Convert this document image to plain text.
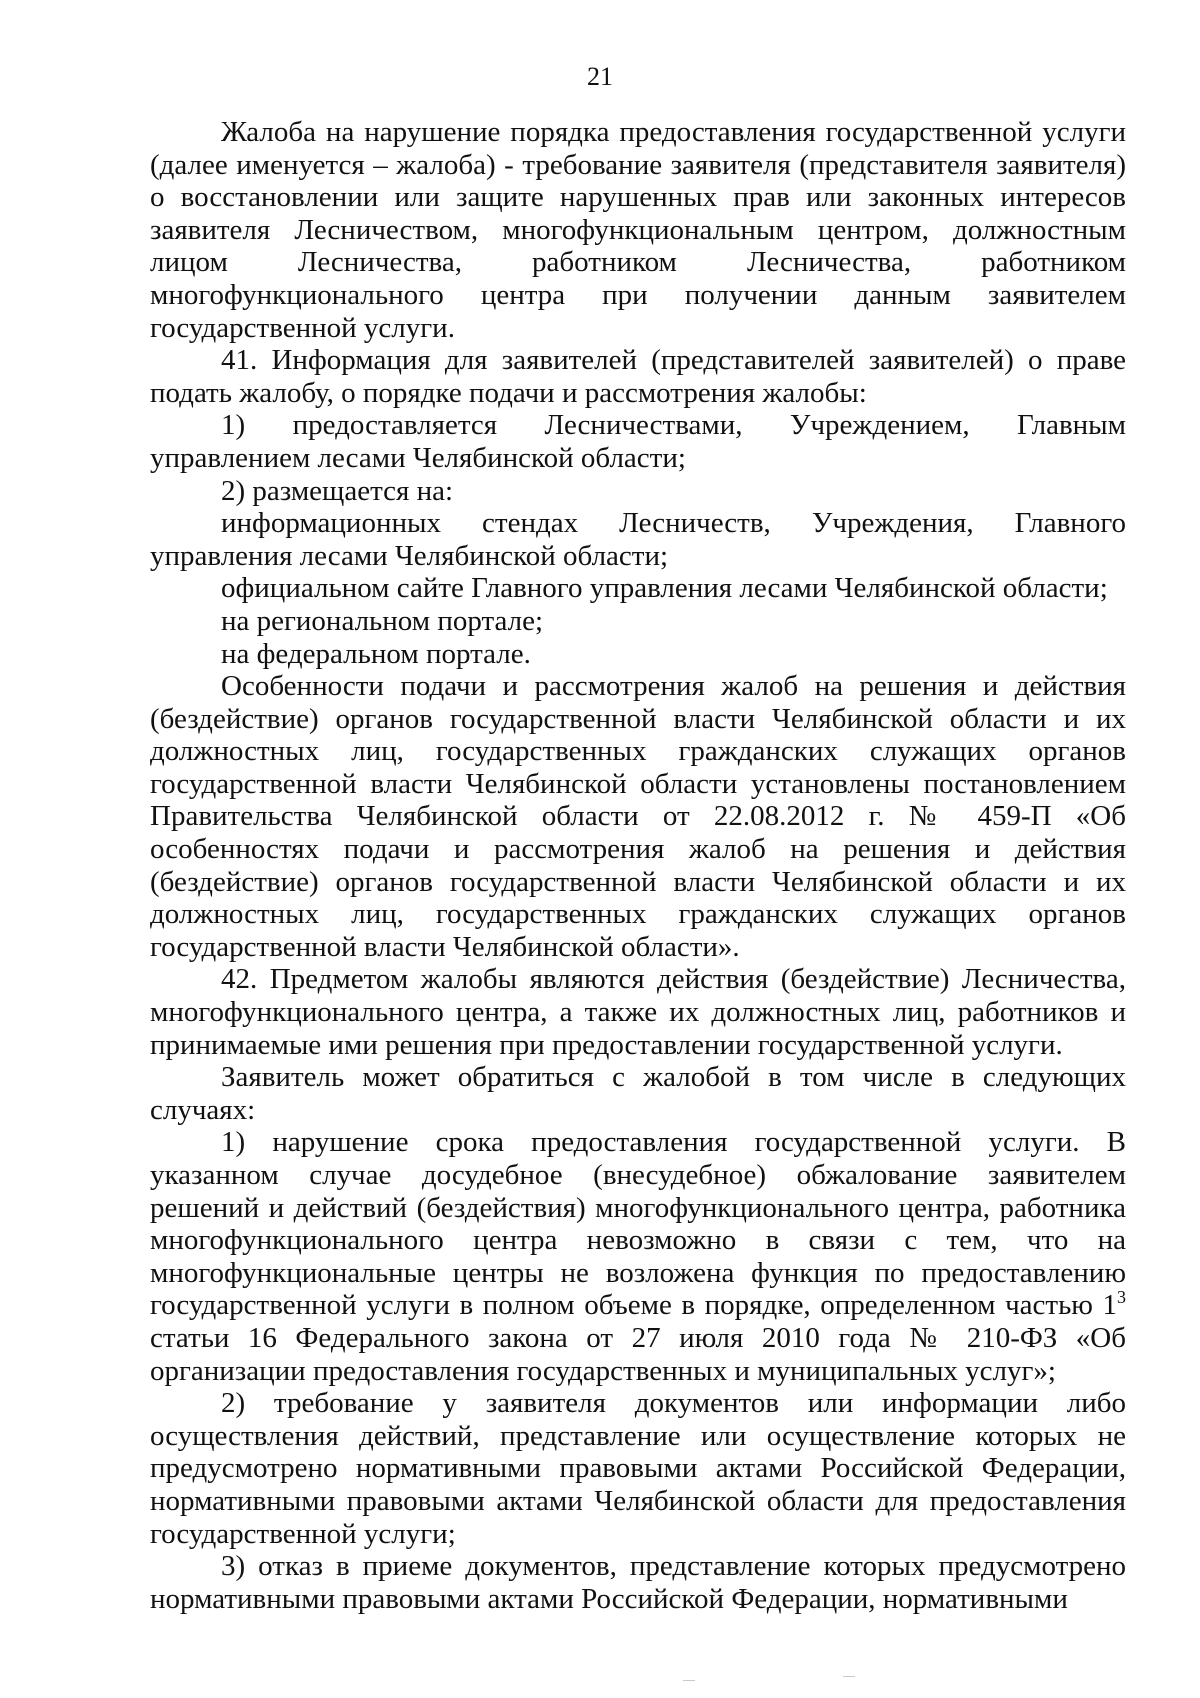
21

Жалоба на нарушение порядка предоставления государственной услуги (далее именуется – жалоба) - требование заявителя (представителя заявителя) о восстановлении или защите нарушенных прав или законных интересов заявителя Лесничеством, многофункциональным центром, должностным лицом Лесничества, работником Лесничества, работником многофункционального центра при получении данным заявителем государственной услуги.

41. Информация для заявителей (представителей заявителей) о праве подать жалобу, о порядке подачи и рассмотрения жалобы:

1) предоставляется Лесничествами, Учреждением, Главным управлением лесами Челябинской области;

2) размещается на:

информационных стендах Лесничеств, Учреждения, Главного управления лесами Челябинской области;

официальном сайте Главного управления лесами Челябинской области;

на региональном портале;

на федеральном портале.

Особенности подачи и рассмотрения жалоб на решения и действия (бездействие) органов государственной власти Челябинской области и их должностных лиц, государственных гражданских служащих органов государственной власти Челябинской области установлены постановлением Правительства Челябинской области от 22.08.2012 г. № 459-П «Об особенностях подачи и рассмотрения жалоб на решения и действия (бездействие) органов государственной власти Челябинской области и их должностных лиц, государственных гражданских служащих органов государственной власти Челябинской области».

42. Предметом жалобы являются действия (бездействие) Лесничества, многофункционального центра, а также их должностных лиц, работников и принимаемые ими решения при предоставлении государственной услуги.

Заявитель может обратиться с жалобой в том числе в следующих случаях:

1) нарушение срока предоставления государственной услуги. В указанном случае досудебное (внесудебное) обжалование заявителем решений и действий (бездействия) многофункционального центра, работника многофункционального центра невозможно в связи с тем, что на многофункциональные центры не возложена функция по предоставлению государственной услуги в полном объеме в порядке, определенном частью $1^3$ статьи 16 Федерального закона от 27 июля 2010 года № 210-ФЗ «Об организации предоставления государственных и муниципальных услуг»;

2) требование у заявителя документов или информации либо осуществления действий, представление или осуществление которых не предусмотрено нормативными правовыми актами Российской Федерации, нормативными правовыми актами Челябинской области для предоставления государственной услуги;

3) отказ в приеме документов, представление которых предусмотрено нормативными правовыми актами Российской Федерации, нормативными
